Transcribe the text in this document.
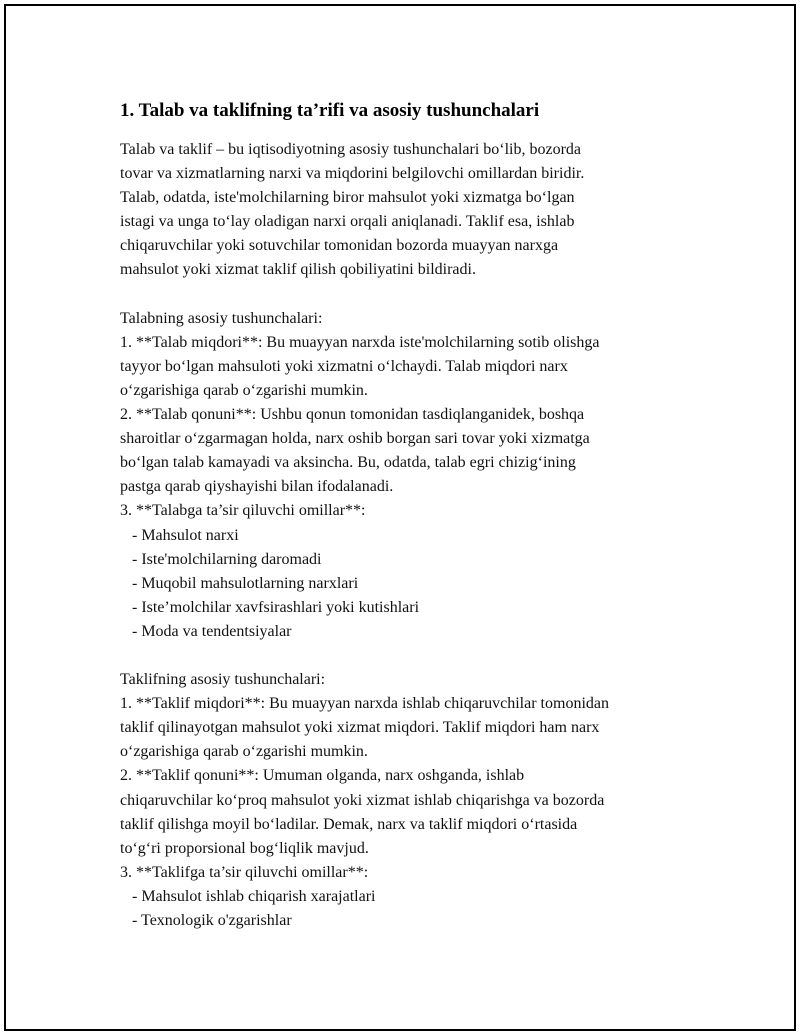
1. Talab va taklifning ta’rifi va asosiy tushunchalari
Talab va taklif – bu iqtisodiyotning asosiy tushunchalari bo‘lib, bozorda
tovar va xizmatlarning narxi va miqdorini belgilovchi omillardan biridir.
Talab, odatda, iste'molchilarning biror mahsulot yoki xizmatga bo‘lgan
istagi va unga to‘lay oladigan narxi orqali aniqlanadi. Taklif esa, ishlab
chiqaruvchilar yoki sotuvchilar tomonidan bozorda muayyan narxga
mahsulot yoki xizmat taklif qilish qobiliyatini bildiradi.
Talabning asosiy tushunchalari:
1. **Talab miqdori**: Bu muayyan narxda iste'molchilarning sotib olishga
tayyor bo‘lgan mahsuloti yoki xizmatni o‘lchaydi. Talab miqdori narx
o‘zgarishiga qarab o‘zgarishi mumkin.
2. **Talab qonuni**: Ushbu qonun tomonidan tasdiqlanganidek, boshqa
sharoitlar o‘zgarmagan holda, narx oshib borgan sari tovar yoki xizmatga
bo‘lgan talab kamayadi va aksincha. Bu, odatda, talab egri chizig‘ining
pastga qarab qiyshayishi bilan ifodalanadi.
3. **Talabga ta’sir qiluvchi omillar**:
- Mahsulot narxi
- Iste'molchilarning daromadi
- Muqobil mahsulotlarning narxlari
- Iste’molchilar xavfsirashlari yoki kutishlari
- Moda va tendentsiyalar
Taklifning asosiy tushunchalari:
1. **Taklif miqdori**: Bu muayyan narxda ishlab chiqaruvchilar tomonidan
taklif qilinayotgan mahsulot yoki xizmat miqdori. Taklif miqdori ham narx
o‘zgarishiga qarab o‘zgarishi mumkin.
2. **Taklif qonuni**: Umuman olganda, narx oshganda, ishlab
chiqaruvchilar ko‘proq mahsulot yoki xizmat ishlab chiqarishga va bozorda
taklif qilishga moyil bo‘ladilar. Demak, narx va taklif miqdori o‘rtasida
to‘g‘ri proporsional bog‘liqlik mavjud.
3. **Taklifga ta’sir qiluvchi omillar**:
- Mahsulot ishlab chiqarish xarajatlari
- Texnologik o'zgarishlar
